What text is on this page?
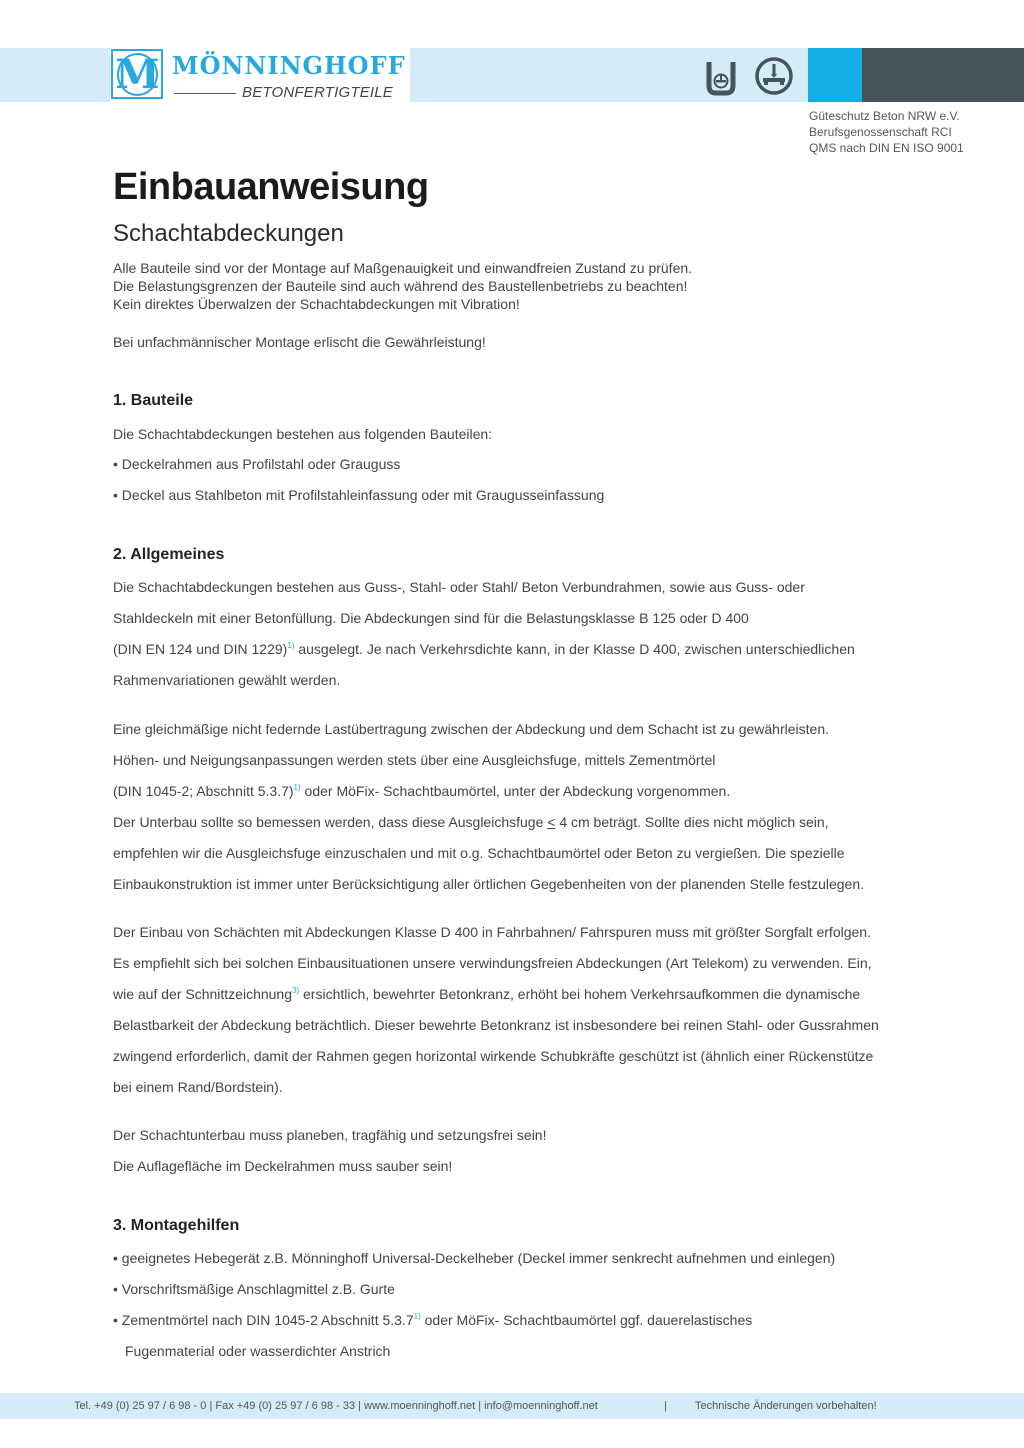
M MÖNNINGHOFF
BETONFERTIGTEILE
Güteschutz Beton NRW e.V.
Berufsgenossenschaft RCI
QMS nach DIN EN ISO 9001
Einbauanweisung
Schachtabdeckungen
Alle Bauteile sind vor der Montage auf Maßgenauigkeit und einwandfreien Zustand zu prüfen.
Die Belastungsgrenzen der Bauteile sind auch während des Baustellenbetriebs zu beachten!
Kein direktes Überwalzen der Schachtabdeckungen mit Vibration!
Bei unfachmännischer Montage erlischt die Gewährleistung!
1. Bauteile
Die Schachtabdeckungen bestehen aus folgenden Bauteilen:
• Deckelrahmen aus Profilstahl oder Grauguss
• Deckel aus Stahlbeton mit Profilstahleinfassung oder mit Graugusseinfassung
2. Allgemeines
Die Schachtabdeckungen bestehen aus Guss-, Stahl- oder Stahl/ Beton Verbundrahmen, sowie aus Guss- oder
Stahldeckeln mit einer Betonfüllung. Die Abdeckungen sind für die Belastungsklasse B 125 oder D 400
(DIN EN 124 und DIN 1229)$^{1)}$ ausgelegt. Je nach Verkehrsdichte kann, in der Klasse D 400, zwischen unterschiedlichen
Rahmenvariationen gewählt werden.
Eine gleichmäßige nicht federnde Lastübertragung zwischen der Abdeckung und dem Schacht ist zu gewährleisten.
Höhen- und Neigungsanpassungen werden stets über eine Ausgleichsfuge, mittels Zementmörtel
(DIN 1045-2; Abschnitt 5.3.7)$^{1)}$ oder MöFix- Schachtbaumörtel, unter der Abdeckung vorgenommen.
Der Unterbau sollte so bemessen werden, dass diese Ausgleichsfuge ≤ 4 cm beträgt. Sollte dies nicht möglich sein,
empfehlen wir die Ausgleichsfuge einzuschalen und mit o.g. Schachtbaumörtel oder Beton zu vergießen. Die spezielle
Einbaukonstruktion ist immer unter Berücksichtigung aller örtlichen Gegebenheiten von der planenden Stelle festzulegen.
Der Einbau von Schächten mit Abdeckungen Klasse D 400 in Fahrbahnen/ Fahrspuren muss mit größter Sorgfalt erfolgen.
Es empfiehlt sich bei solchen Einbausituationen unsere verwindungsfreien Abdeckungen (Art Telekom) zu verwenden. Ein,
wie auf der Schnittzeichnung$^{3)}$ ersichtlich, bewehrter Betonkranz, erhöht bei hohem Verkehrsaufkommen die dynamische
Belastbarkeit der Abdeckung beträchtlich. Dieser bewehrte Betonkranz ist insbesondere bei reinen Stahl- oder Gussrahmen
zwingend erforderlich, damit der Rahmen gegen horizontal wirkende Schubkräfte geschützt ist (ähnlich einer Rückenstütze
bei einem Rand/Bordstein).
Der Schachtunterbau muss planeben, tragfähig und setzungsfrei sein!
Die Auflagefläche im Deckelrahmen muss sauber sein!
3. Montagehilfen
• geeignetes Hebegerät z.B. Mönninghoff Universal-Deckelheber (Deckel immer senkrecht aufnehmen und einlegen)
• Vorschriftsmäßige Anschlagmittel z.B. Gurte
• Zementmörtel nach DIN 1045-2 Abschnitt 5.3.7$^{1)}$ oder MöFix- Schachtbaumörtel ggf. dauerelastisches
Fugenmaterial oder wasserdichter Anstrich
Tel. +49 (0) 25 97 / 6 98 - 0 | Fax +49 (0) 25 97 / 6 98 - 33 | www.moenninghoff.net | info@moenninghoff.net	|	Technische Änderungen vorbehalten!
